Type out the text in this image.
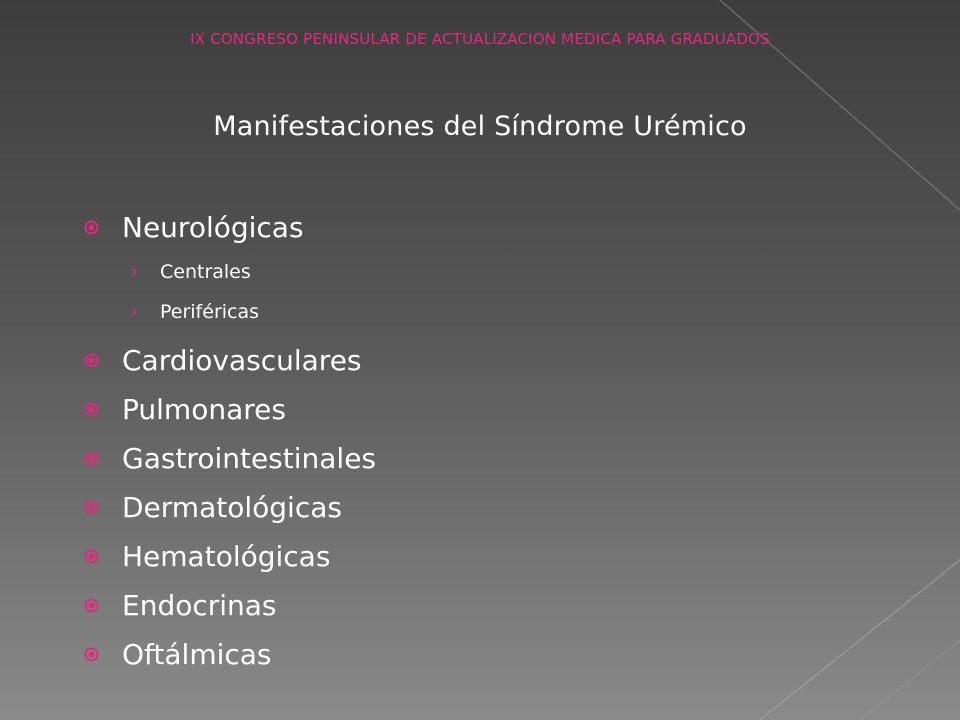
IX CONGRESO PENINSULAR DE ACTUALIZACION MEDICA PARA GRADUADOS
Manifestaciones del Síndrome Urémico
Neurológicas
› Centrales
› Periféricas
Cardiovasculares
Pulmonares
Gastrointestinales
Dermatológicas
Hematológicas
Endocrinas
Oftálmicas
